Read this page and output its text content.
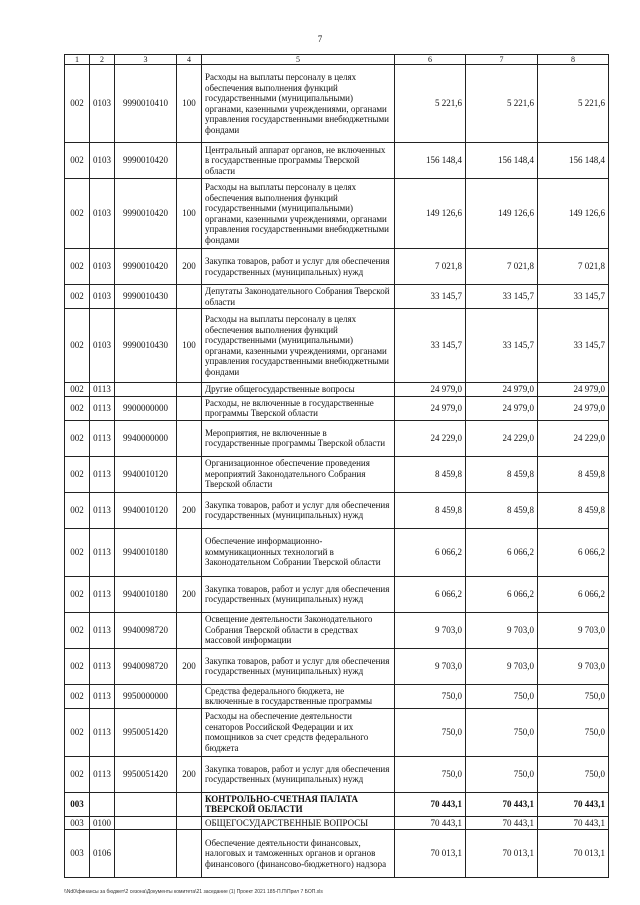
7
1	2	3	4	5	6	7	8
002	0103	9990010410	100	Расходы на выплаты персоналу в целях обеспечения выполнения функций государственными (муниципальными) органами, казенными учреждениями, органами управления государственными внебюджетными фондами	5 221,6	5 221,6	5 221,6
002	0103	9990010420		Центральный аппарат органов, не включенных в государственные программы Тверской области	156 148,4	156 148,4	156 148,4
002	0103	9990010420	100	Расходы на выплаты персоналу в целях обеспечения выполнения функций государственными (муниципальными) органами, казенными учреждениями, органами управления государственными внебюджетными фондами	149 126,6	149 126,6	149 126,6
002	0103	9990010420	200	Закупка товаров, работ и услуг для обеспечения государственных (муниципальных) нужд	7 021,8	7 021,8	7 021,8
002	0103	9990010430		Депутаты Законодательного Собрания Тверской области	33 145,7	33 145,7	33 145,7
002	0103	9990010430	100	Расходы на выплаты персоналу в целях обеспечения выполнения функций государственными (муниципальными) органами, казенными учреждениями, органами управления государственными внебюджетными фондами	33 145,7	33 145,7	33 145,7
002	0113			Другие общегосударственные вопросы	24 979,0	24 979,0	24 979,0
002	0113	9900000000		Расходы, не включенные в государственные программы Тверской области	24 979,0	24 979,0	24 979,0
002	0113	9940000000		Мероприятия, не включенные в государственные программы Тверской области	24 229,0	24 229,0	24 229,0
002	0113	9940010120		Организационное обеспечение проведения мероприятий Законодательного Собрания Тверской области	8 459,8	8 459,8	8 459,8
002	0113	9940010120	200	Закупка товаров, работ и услуг для обеспечения государственных (муниципальных) нужд	8 459,8	8 459,8	8 459,8
002	0113	9940010180		Обеспечение информационно-коммуникационных технологий в Законодательном Собрании Тверской области	6 066,2	6 066,2	6 066,2
002	0113	9940010180	200	Закупка товаров, работ и услуг для обеспечения государственных (муниципальных) нужд	6 066,2	6 066,2	6 066,2
002	0113	9940098720		Освещение деятельности Законодательного Собрания Тверской области в средствах массовой информации	9 703,0	9 703,0	9 703,0
002	0113	9940098720	200	Закупка товаров, работ и услуг для обеспечения государственных (муниципальных) нужд	9 703,0	9 703,0	9 703,0
002	0113	9950000000		Средства федерального бюджета, не включенные в государственные программы	750,0	750,0	750,0
002	0113	9950051420		Расходы на обеспечение деятельности сенаторов Российской Федерации и их помощников за счет средств федерального бюджета	750,0	750,0	750,0
002	0113	9950051420	200	Закупка товаров, работ и услуг для обеспечения государственных (муниципальных) нужд	750,0	750,0	750,0
003				КОНТРОЛЬНО-СЧЕТНАЯ ПАЛАТА ТВЕРСКОЙ ОБЛАСТИ	70 443,1	70 443,1	70 443,1
003	0100			ОБЩЕГОСУДАРСТВЕННЫЕ ВОПРОСЫ	70 443,1	70 443,1	70 443,1
003	0106			Обеспечение деятельности финансовых, налоговых и таможенных органов и органов финансового (финансово-бюджетного) надзора	70 013,1	70 013,1	70 013,1
\\Nd0\финансы за бюджет\2 сезона\Документы комитета\21 заседание (1) Проект 2021 185-П.П\Прил 7 БОП.xls
